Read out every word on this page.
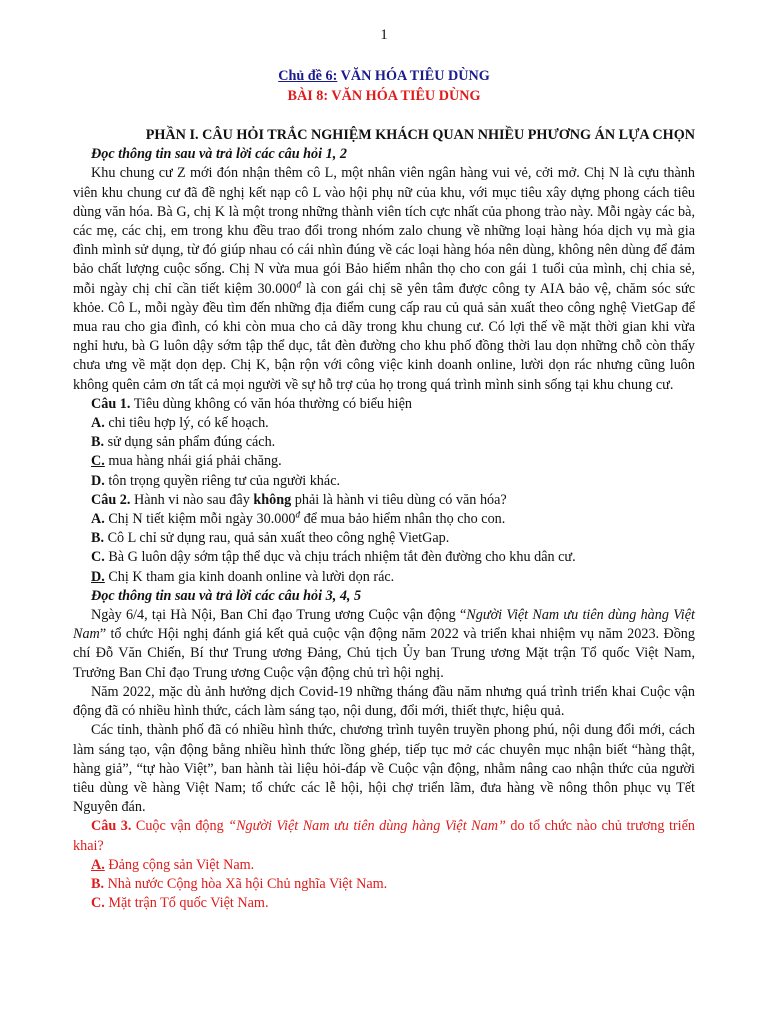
1
Chủ đề 6: VĂN HÓA TIÊU DÙNG
BÀI 8: VĂN HÓA TIÊU DÙNG

PHẦN I. CÂU HỎI TRẮC NGHIỆM KHÁCH QUAN NHIỀU PHƯƠNG ÁN LỰA CHỌN

Đọc thông tin sau và trả lời các câu hỏi 1, 2

Khu chung cư Z mới đón nhận thêm cô L, một nhân viên ngân hàng vui vẻ, cởi mở. Chị N là cựu thành viên khu chung cư đã đề nghị kết nạp cô L vào hội phụ nữ của khu, với mục tiêu xây dựng phong cách tiêu dùng văn hóa. Bà G, chị K là một trong những thành viên tích cực nhất của phong trào này. Mỗi ngày các bà, các mẹ, các chị, em trong khu đều trao đổi trong nhóm zalo chung về những loại hàng hóa dịch vụ mà gia đình mình sử dụng, từ đó giúp nhau có cái nhìn đúng về các loại hàng hóa nên dùng, không nên dùng để đảm bảo chất lượng cuộc sống. Chị N vừa mua gói Bảo hiểm nhân thọ cho con gái 1 tuổi của mình, chị chia sẻ, mỗi ngày chị chỉ cần tiết kiệm $30.000^đ$ là con gái chị sẽ yên tâm được công ty AIA bảo vệ, chăm sóc sức khỏe. Cô L, mỗi ngày đều tìm đến những địa điểm cung cấp rau củ quả sản xuất theo công nghệ VietGap để mua rau cho gia đình, có khi còn mua cho cả dãy trong khu chung cư. Có lợi thế về mặt thời gian khi vừa nghỉ hưu, bà G luôn dậy sớm tập thể dục, tắt đèn đường cho khu phố đồng thời lau dọn những chỗ còn thấy chưa ưng về mặt dọn dẹp. Chị K, bận rộn với công việc kinh doanh online, lười dọn rác nhưng cũng luôn không quên cảm ơn tất cả mọi người về sự hỗ trợ của họ trong quá trình mình sinh sống tại khu chung cư.

Câu 1. Tiêu dùng không có văn hóa thường có biểu hiện

A. chi tiêu hợp lý, có kế hoạch.

B. sử dụng sản phẩm đúng cách.

C. mua hàng nhái giá phải chăng.

D. tôn trọng quyền riêng tư của người khác.

Câu 2. Hành vi nào sau đây không phải là hành vi tiêu dùng có văn hóa?

A. Chị N tiết kiệm mỗi ngày $30.000^đ$ để mua bảo hiểm nhân thọ cho con.

B. Cô L chỉ sử dụng rau, quả sản xuất theo công nghệ VietGap.

C. Bà G luôn dậy sớm tập thể dục và chịu trách nhiệm tắt đèn đường cho khu dân cư.

D. Chị K tham gia kinh doanh online và lười dọn rác.

Đọc thông tin sau và trả lời các câu hỏi 3, 4, 5

Ngày 6/4, tại Hà Nội, Ban Chỉ đạo Trung ương Cuộc vận động “Người Việt Nam ưu tiên dùng hàng Việt Nam” tổ chức Hội nghị đánh giá kết quả cuộc vận động năm 2022 và triển khai nhiệm vụ năm 2023. Đồng chí Đỗ Văn Chiến, Bí thư Trung ương Đảng, Chủ tịch Ủy ban Trung ương Mặt trận Tổ quốc Việt Nam, Trưởng Ban Chỉ đạo Trung ương Cuộc vận động chủ trì hội nghị.

Năm 2022, mặc dù ảnh hưởng dịch Covid-19 những tháng đầu năm nhưng quá trình triển khai Cuộc vận động đã có nhiều hình thức, cách làm sáng tạo, nội dung, đổi mới, thiết thực, hiệu quả.

Các tỉnh, thành phố đã có nhiều hình thức, chương trình tuyên truyền phong phú, nội dung đổi mới, cách làm sáng tạo, vận động bằng nhiều hình thức lồng ghép, tiếp tục mở các chuyên mục nhận biết “hàng thật, hàng giả”, “tự hào Việt”, ban hành tài liệu hỏi-đáp về Cuộc vận động, nhằm nâng cao nhận thức của người tiêu dùng về hàng Việt Nam; tổ chức các lễ hội, hội chợ triển lãm, đưa hàng về nông thôn phục vụ Tết Nguyên đán.

Câu 3. Cuộc vận động “Người Việt Nam ưu tiên dùng hàng Việt Nam” do tổ chức nào chủ trương triển khai?

A. Đảng cộng sản Việt Nam.

B. Nhà nước Cộng hòa Xã hội Chủ nghĩa Việt Nam.

C. Mặt trận Tổ quốc Việt Nam.
